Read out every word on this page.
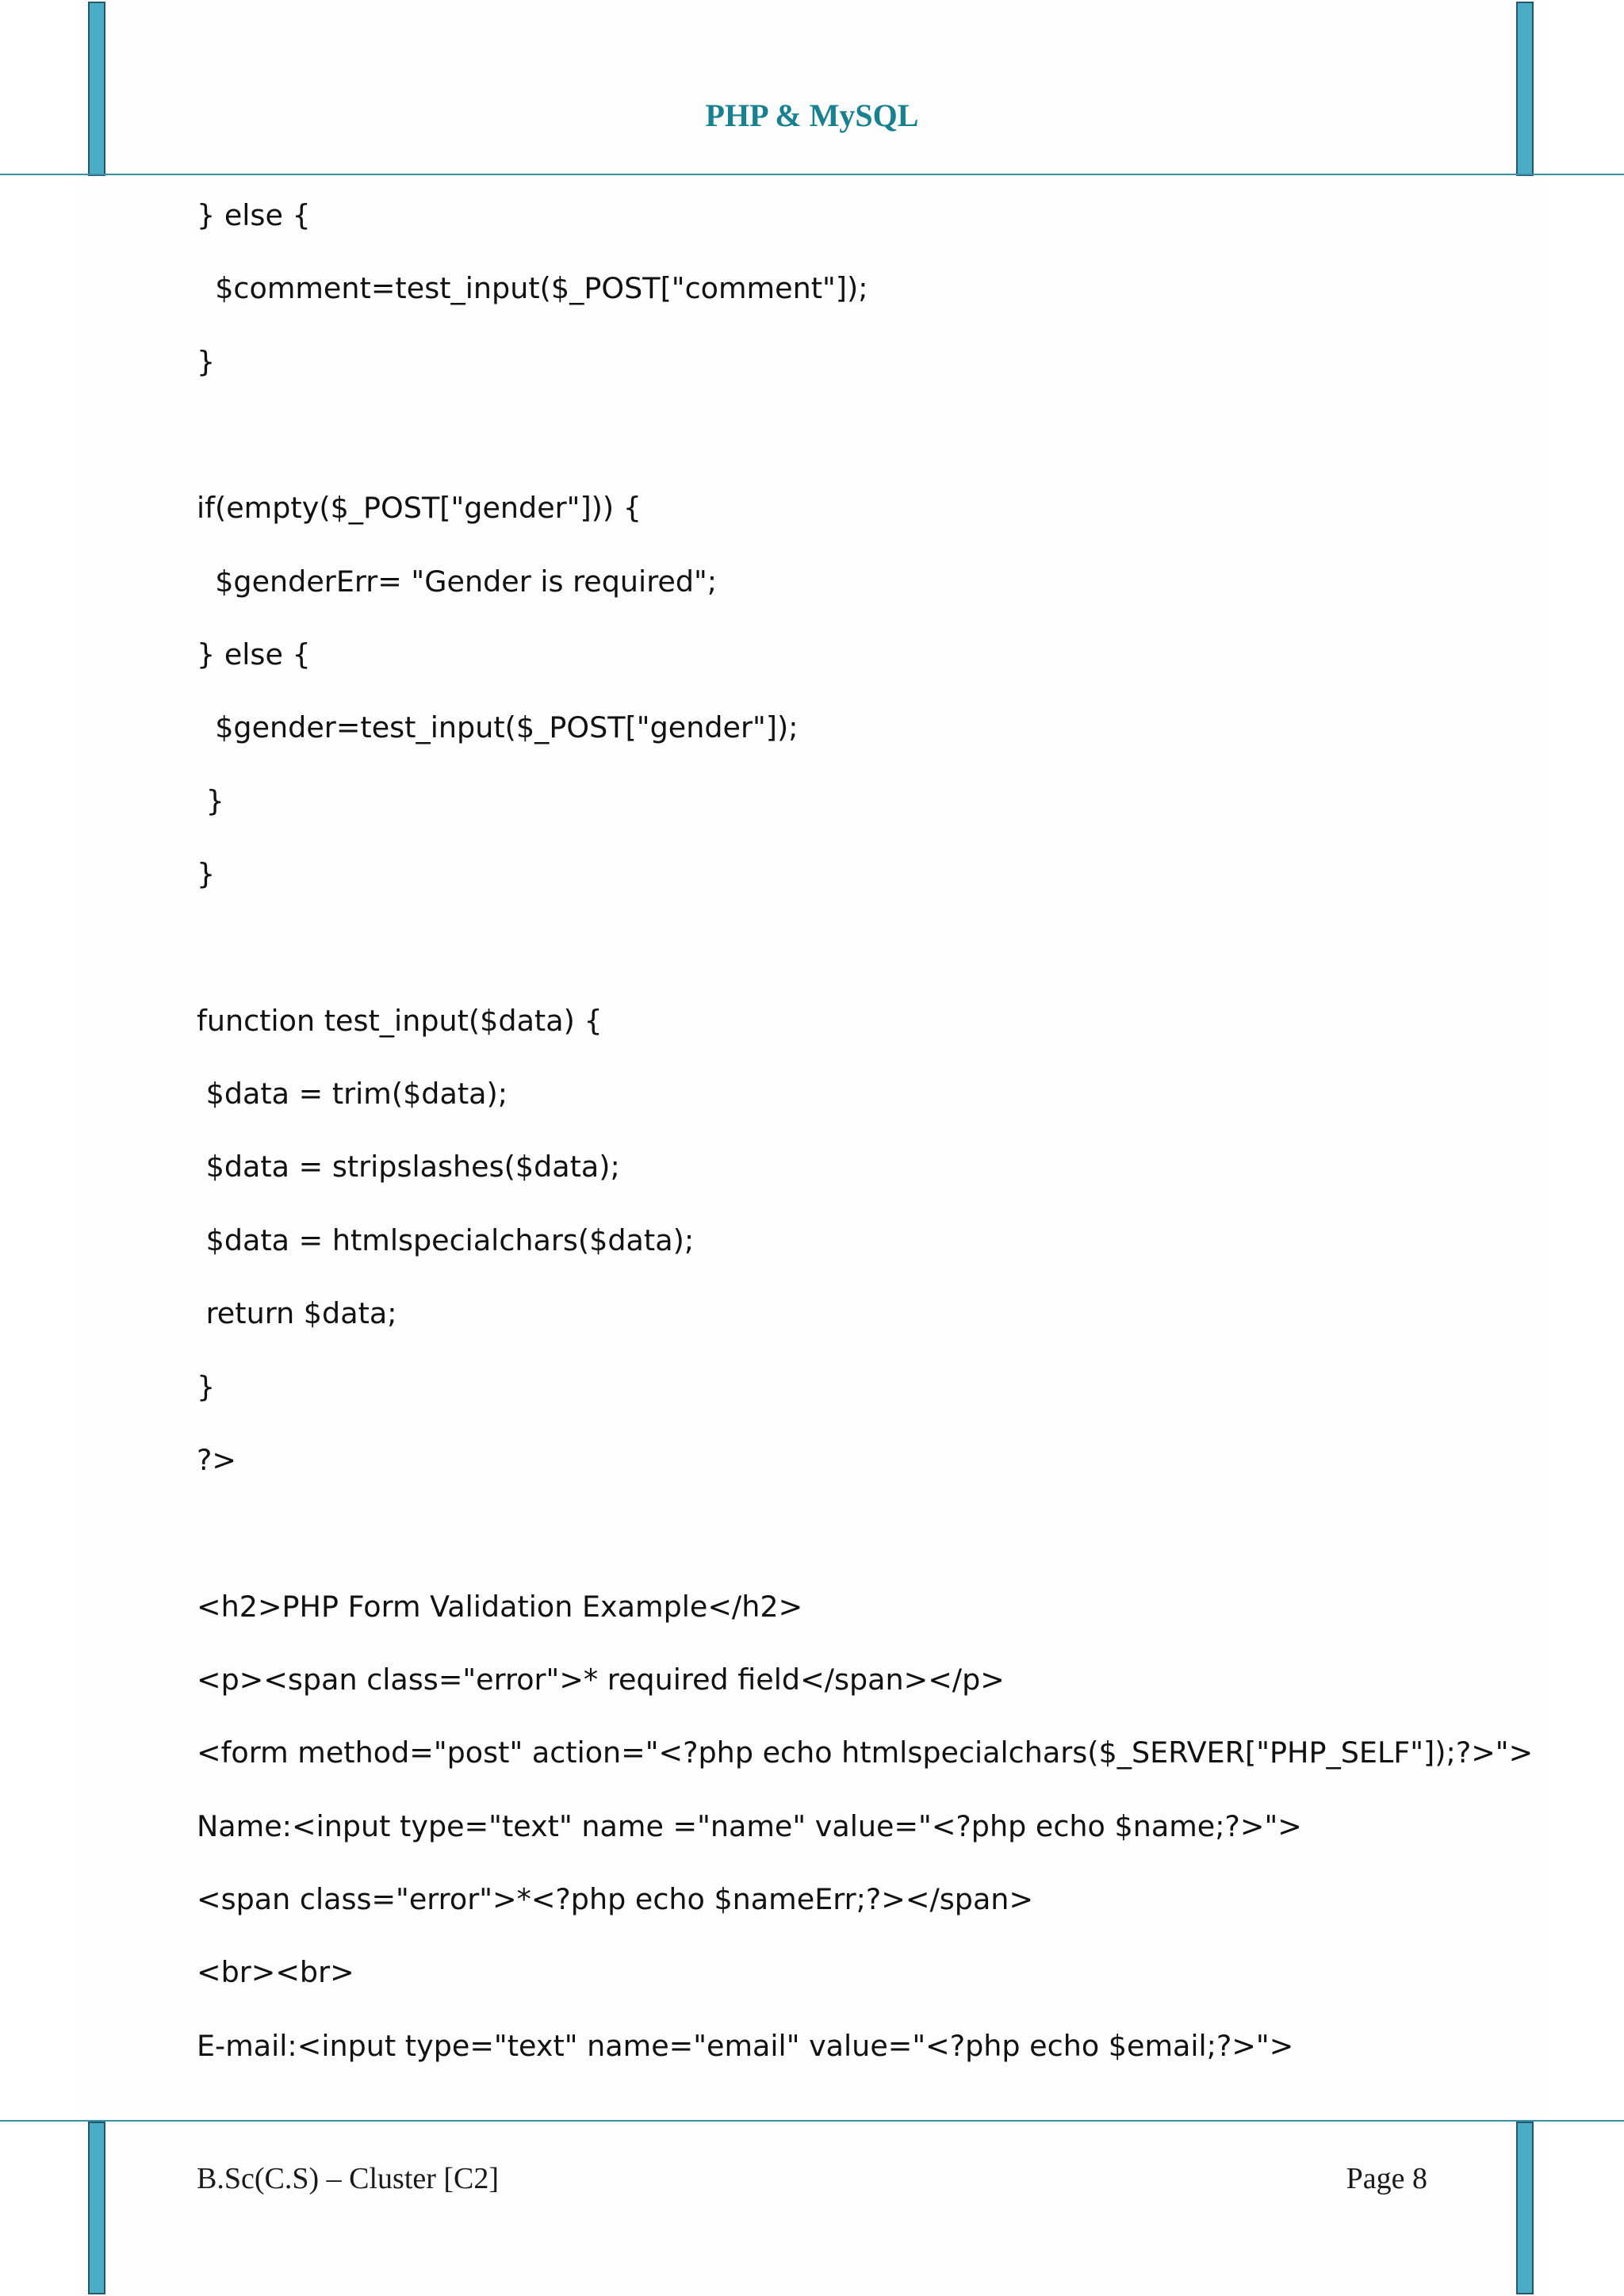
PHP & MySQL
} else {
$comment=test_input($_POST["comment"]);
}
if(empty($_POST["gender"])) {
$genderErr= "Gender is required";
} else {
$gender=test_input($_POST["gender"]);
}
}
function test_input($data) {
$data = trim($data);
$data = stripslashes($data);
$data = htmlspecialchars($data);
return $data;
}
?>
<h2>PHP Form Validation Example</h2>
<p><span class="error">* required field</span></p>
<form method="post" action="<?php echo htmlspecialchars($_SERVER["PHP_SELF"]);?>">
Name:<input type="text" name ="name" value="<?php echo $name;?>">
<span class="error">*<?php echo $nameErr;?></span>
<br><br>
E-mail:<input type="text" name="email" value="<?php echo $email;?>">

B.Sc(C.S) – Cluster [C2]	Page 8
